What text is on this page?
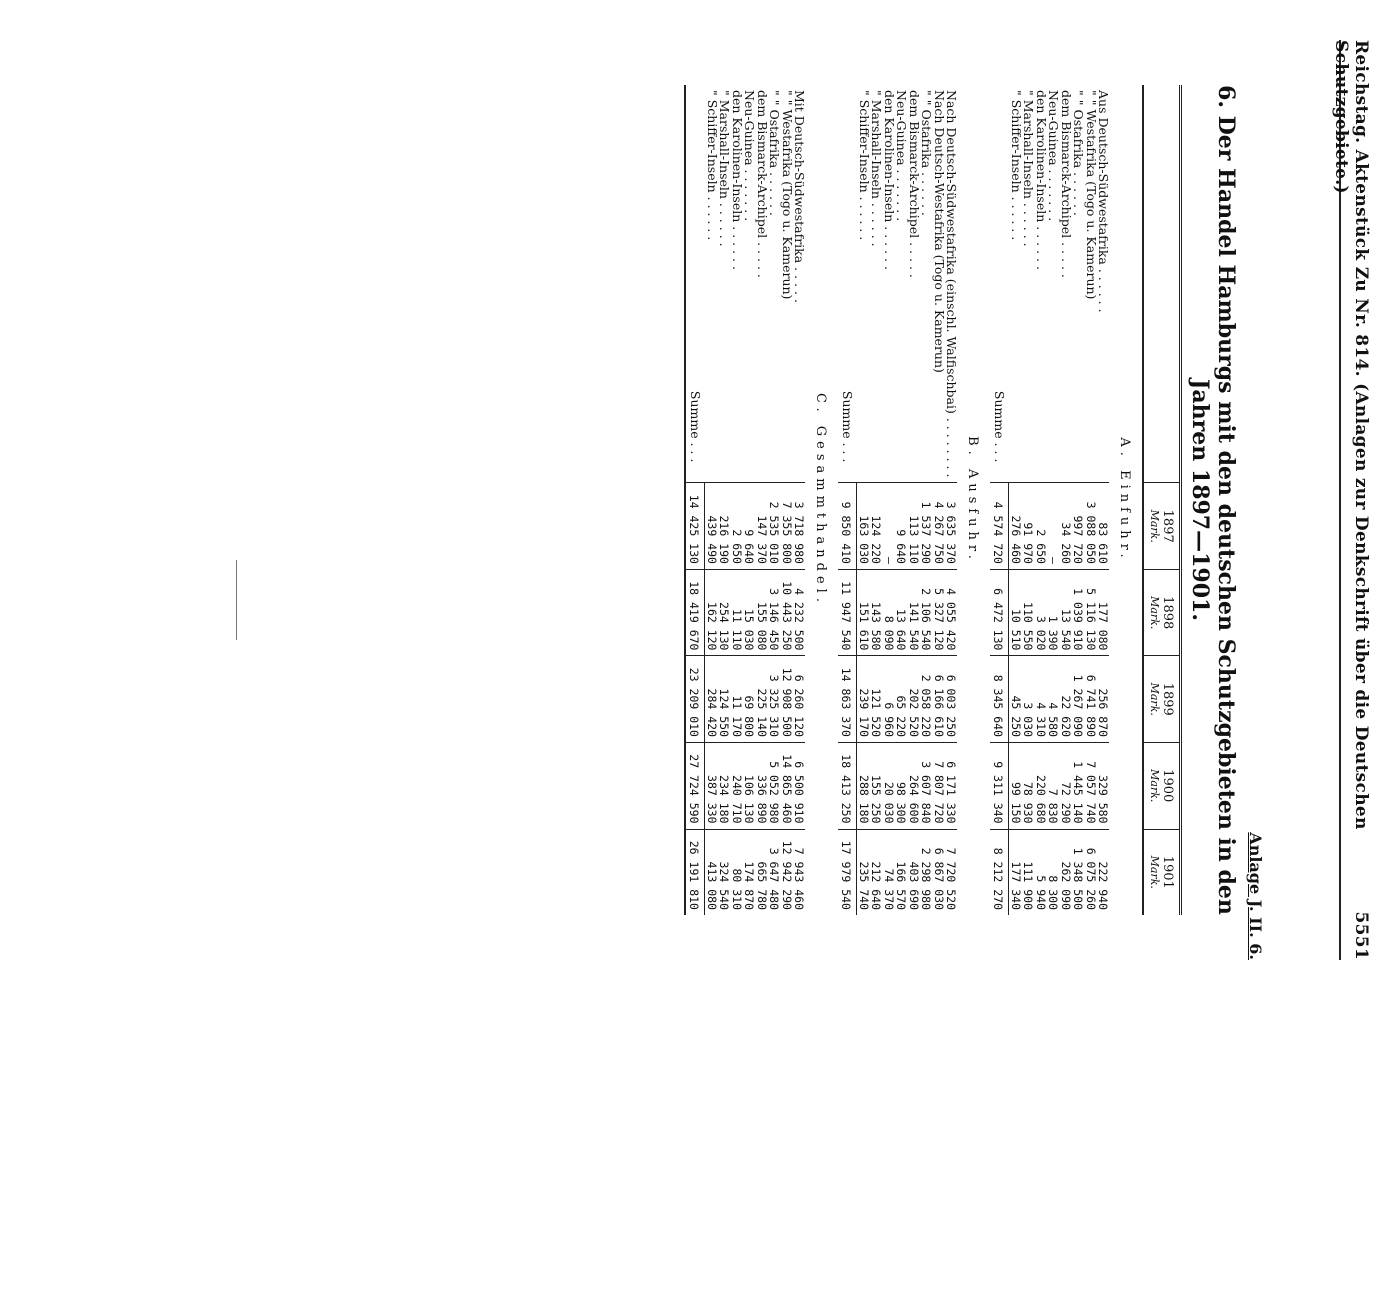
Reichstag. Aktenstück Zu Nr. 814. (Anlagen zur Denkschrift über die Deutschen Schutzgebiete.)
5551
Anlage J. II. 6.
6. Der Handel Hamburgs mit den deutschen Schutzgebieten in den Jahren 1897—1901.
	1897	1898	1899	1900	1901
	Mark.	Mark.	Mark.	Mark.	Mark.
A. Einfuhr.					
Aus Deutsch-Südwestafrika . . . . . .	83 610	177 080	256 870	329 580	222 940
" " Westafrika (Togo u. Kamerun)	3 088 050	5 116 130	6 741 890	7 057 740	6 075 260
" " Ostafrika . . . . . .	997 720	1 039 910	1 267 090	1 445 140	1 348 500
dem Bismarck-Archipel . . . . .	34 260	13 540	22 620	72 290	262 090
Neu-Guinea . . . . . . .	—	1 390	4 580	7 830	8 300
den Karolinen-Inseln . . . . . .	2 650	3 020	4 310	220 680	5 940
" Marshall-Inseln . . . . . .	91 970	110 550	3 030	78 930	111 900
" Schiffer-Inseln . . . . . .	276 460	10 510	45 250	99 150	177 340
Summe . . .	4 574 720	6 472 130	8 345 640	9 311 340	8 212 270
B. Ausfuhr.					
Nach Deutsch-Südwestafrika (einschl. Walfischbai) . . . . . . . .	3 635 370	4 055 420	6 003 250	6 171 330	7 720 520
Nach Deutsch-Westafrika (Togo u. Kamerun)	4 267 750	5 327 120	6 166 610	7 807 720	6 867 030
" " Ostafrika . . . . . .	1 537 290	2 106 540	2 058 220	3 607 840	2 298 980
dem Bismarck-Archipel . . . . .	113 110	141 540	202 520	264 600	403 690
Neu-Guinea . . . . . . .	9 640	13 640	65 220	98 300	166 570
den Karolinen-Inseln . . . . . .	—	8 090	6 960	20 030	74 370
" Marshall-Inseln . . . . . .	124 220	143 580	121 520	155 250	212 640
" Schiffer-Inseln . . . . . .	163 030	151 610	239 170	288 180	235 740
Summe . . .	9 850 410	11 947 540	14 863 370	18 413 250	17 979 540
C. Gesammthandel.					
Mit Deutsch-Südwestafrika . . . . .	3 718 980	4 232 500	6 260 120	6 500 910	7 943 460
" " Westafrika (Togo u. Kamerun)	7 355 800	10 443 250	12 908 500	14 865 460	12 942 290
" " Ostafrika . . . . . .	2 535 010	3 146 450	3 325 310	5 052 980	3 647 480
dem Bismarck-Archipel . . . . .	147 370	155 080	225 140	336 890	665 780
Neu-Guinea . . . . . . .	9 640	15 030	69 800	106 130	174 870
den Karolinen-Inseln . . . . . .	2 650	11 110	11 170	240 710	80 310
" Marshall-Inseln . . . . . .	216 190	254 130	124 550	234 180	324 540
" Schiffer-Inseln . . . . . .	439 490	162 120	284 420	387 330	413 080
Summe . . .	14 425 130	18 419 670	23 209 010	27 724 590	26 191 810
